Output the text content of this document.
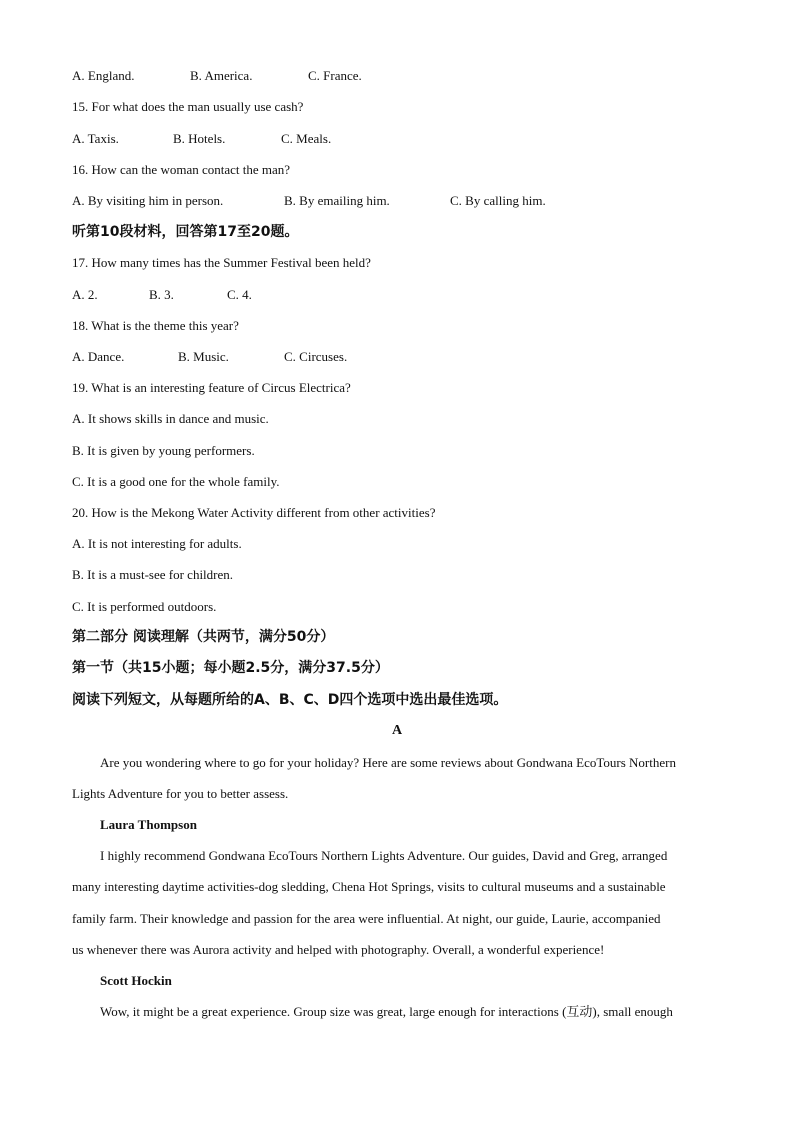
A. England.	B. America.	C. France.
15. For what does the man usually use cash?
A. Taxis.	B. Hotels.	C. Meals.
16. How can the woman contact the man?
A. By visiting him in person.	B. By emailing him.	C. By calling him.
听第10段材料，回答第17至20题。
17. How many times has the Summer Festival been held?
A. 2.	B. 3.	C. 4.
18. What is the theme this year?
A. Dance.	B. Music.	C. Circuses.
19. What is an interesting feature of Circus Electrica?
A. It shows skills in dance and music.
B. It is given by young performers.
C. It is a good one for the whole family.
20. How is the Mekong Water Activity different from other activities?
A. It is not interesting for adults.
B. It is a must-see for children.
C. It is performed outdoors.
第二部分 阅读理解（共两节，满分50分）
第一节（共15小题；每小题2.5分，满分37.5分）
阅读下列短文，从每题所给的A、B、C、D四个选项中选出最佳选项。
A
Are you wondering where to go for your holiday? Here are some reviews about Gondwana EcoTours Northern
Lights Adventure for you to better assess.
Laura Thompson
I highly recommend Gondwana EcoTours Northern Lights Adventure. Our guides, David and Greg, arranged
many interesting daytime activities-dog sledding, Chena Hot Springs, visits to cultural museums and a sustainable
family farm. Their knowledge and passion for the area were influential. At night, our guide, Laurie, accompanied
us whenever there was Aurora activity and helped with photography. Overall, a wonderful experience!
Scott Hockin
Wow, it might be a great experience. Group size was great, large enough for interactions (互动), small enough
